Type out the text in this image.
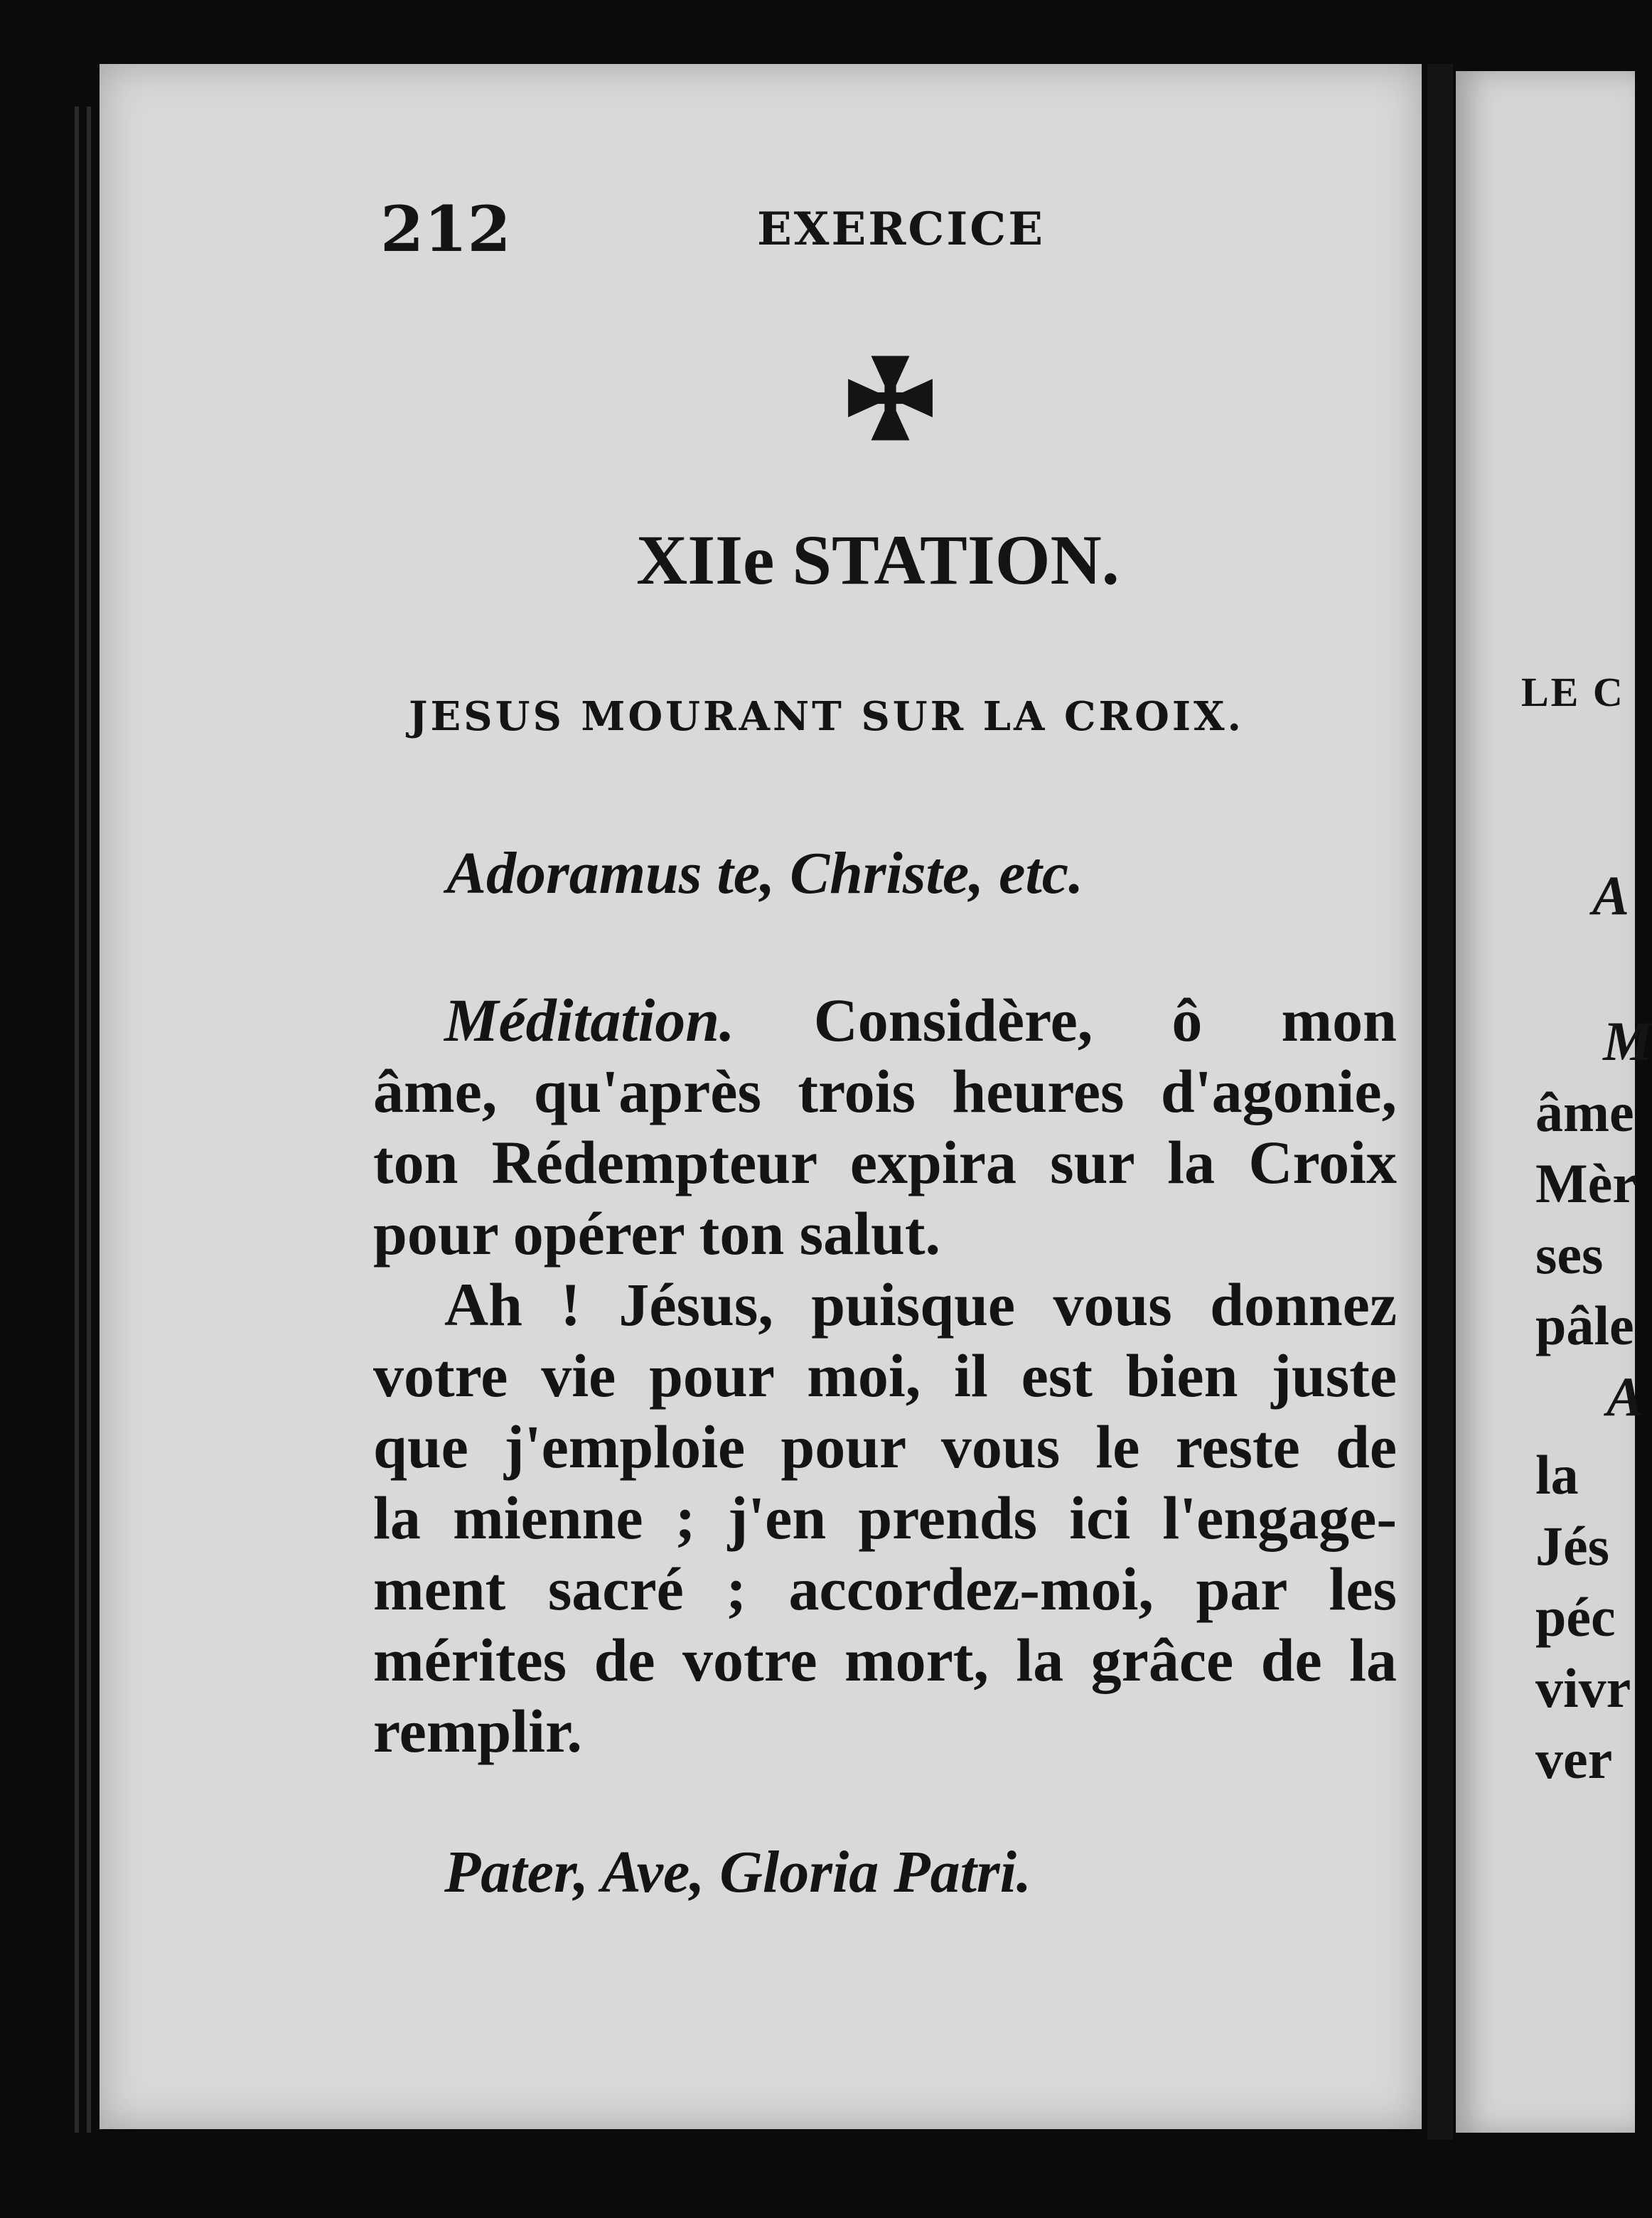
212	EXERCICE
XIIe STATION.
JESUS MOURANT SUR LA CROIX.
Adoramus te, Christe, etc.
Méditation. Considère, ô mon
âme, qu'après trois heures d'agonie,
ton Rédempteur expira sur la Croix
pour opérer ton salut.
Ah ! Jésus, puisque vous donnez
votre vie pour moi, il est bien juste
que j'emploie pour vous le reste de
la mienne ; j'en prends ici l'engage-
ment sacré ; accordez-moi, par les
mérites de votre mort, la grâce de la
remplir.
Pater, Ave, Gloria Patri.
LE C
A
M
âme
Mèr
ses
pâle
A
la
Jés
péc
vivr
ver
